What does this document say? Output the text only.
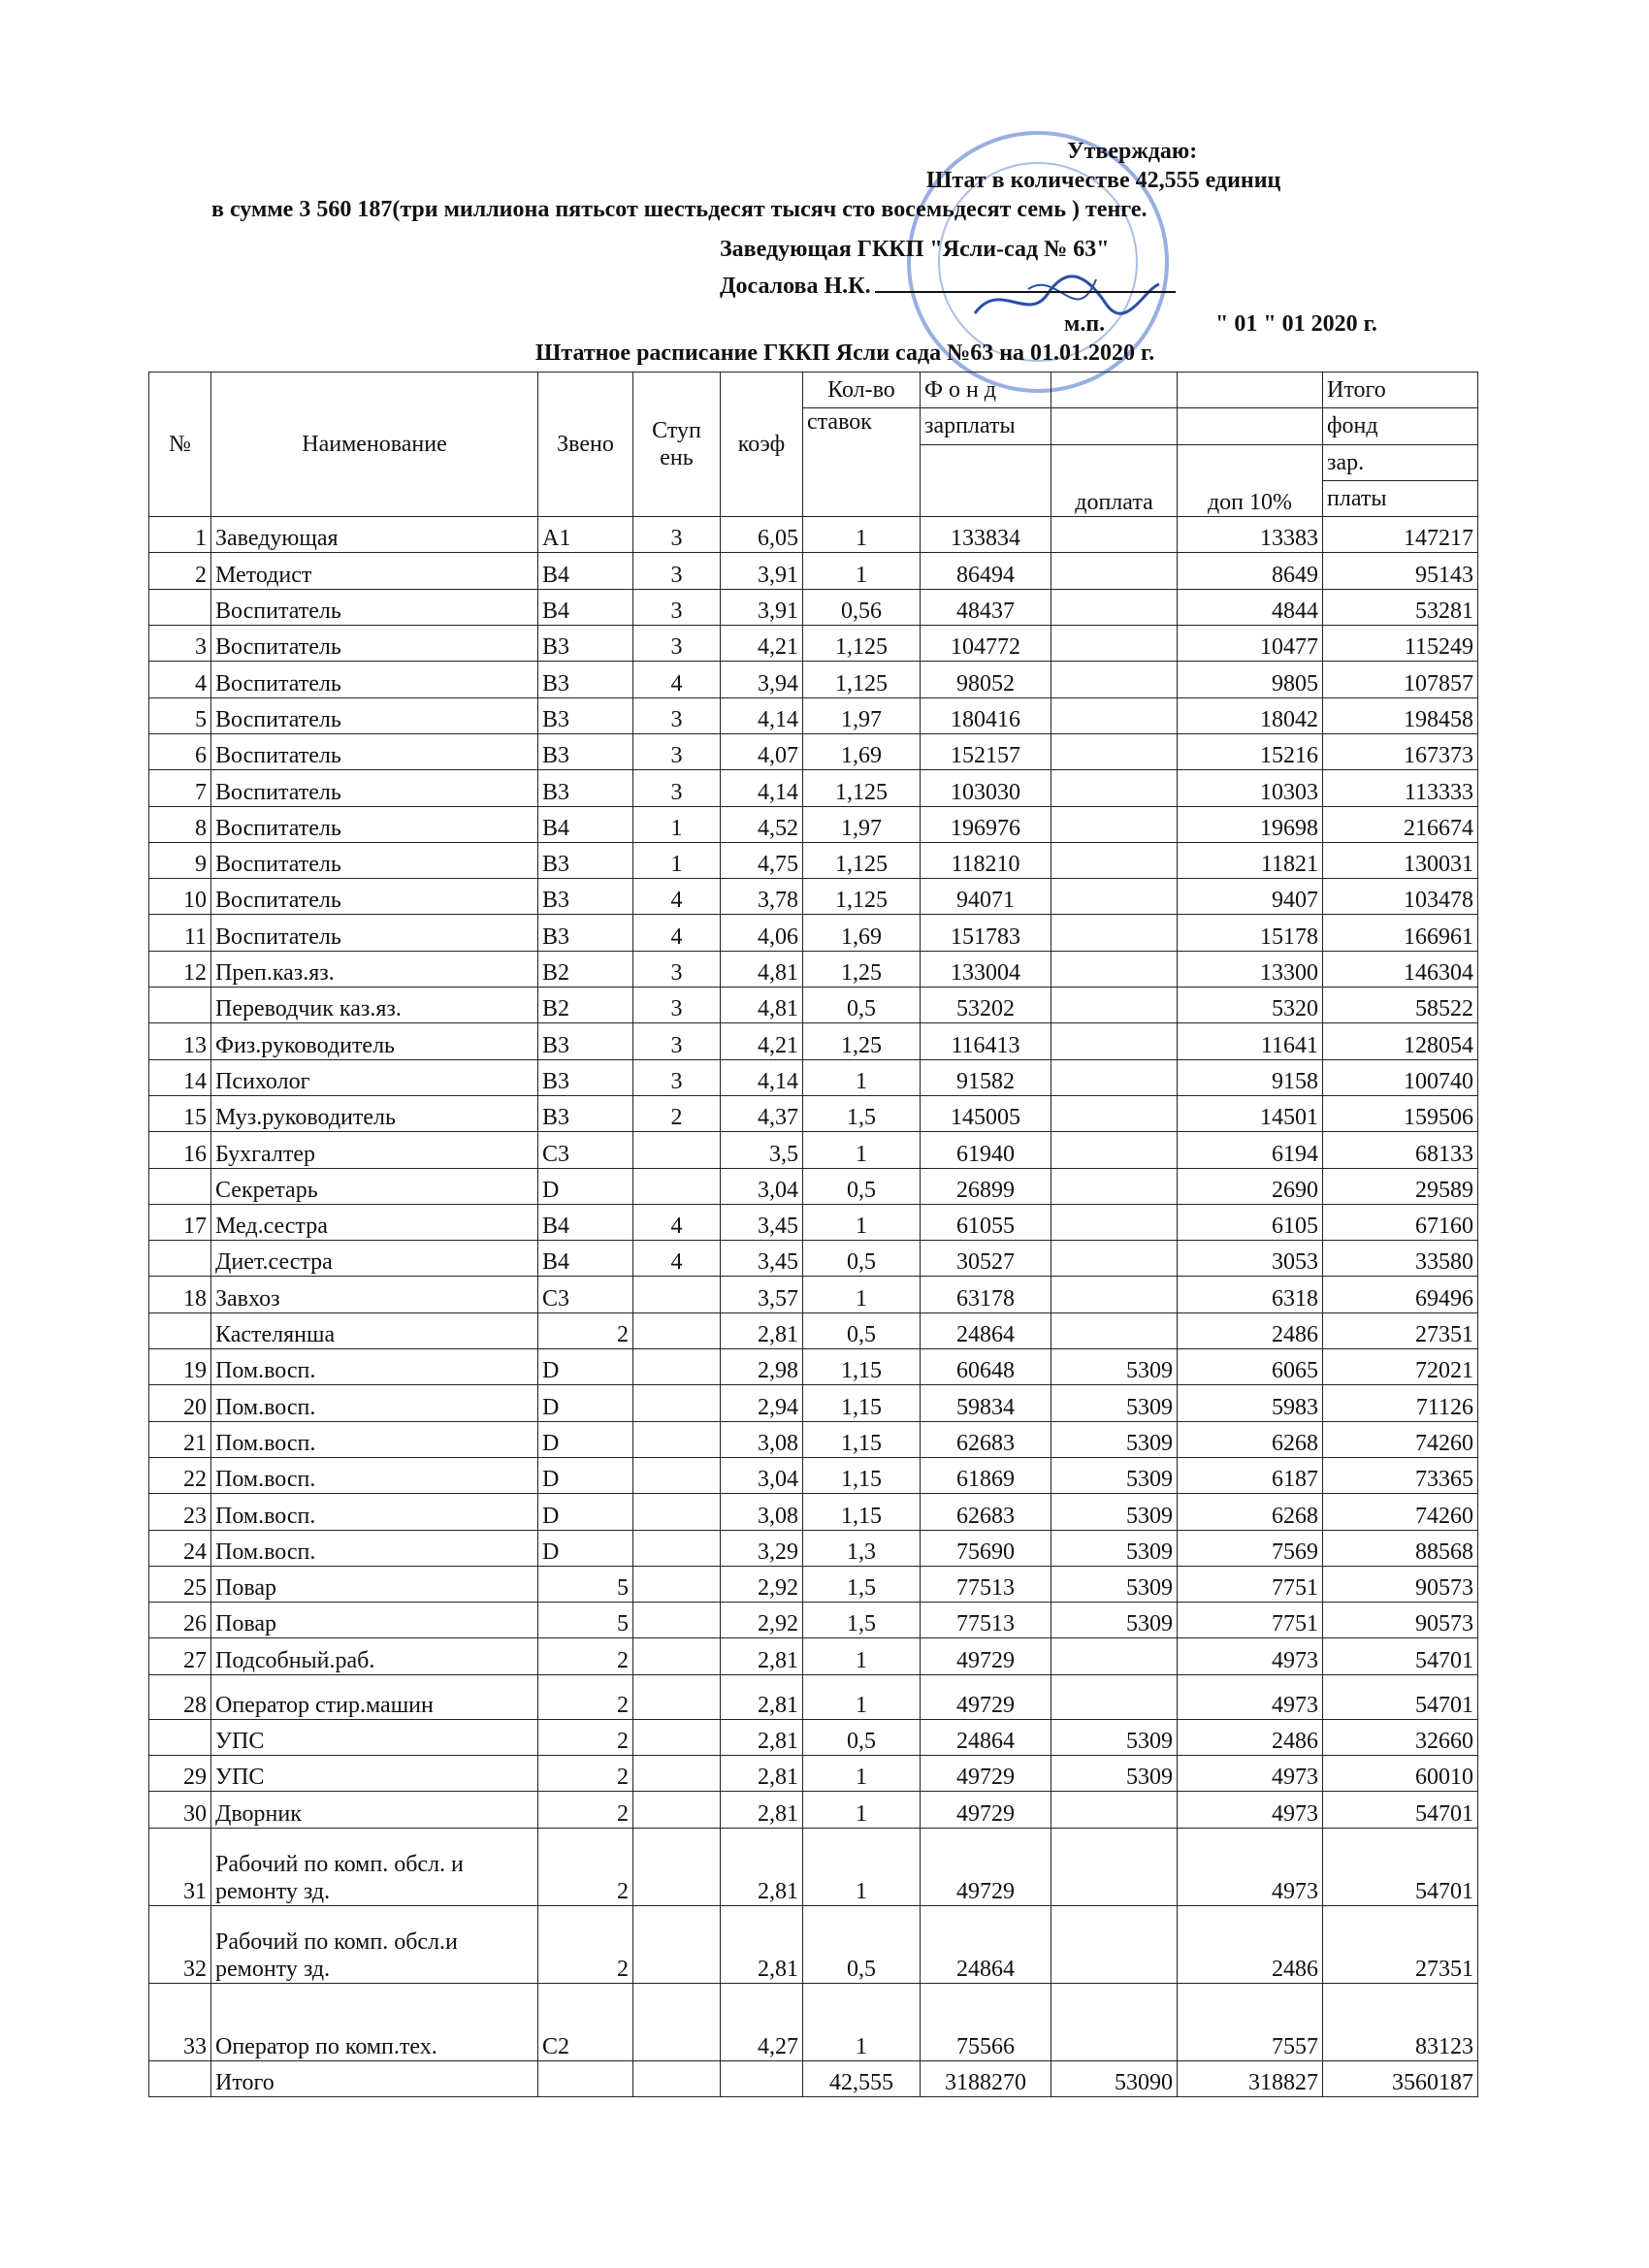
Утверждаю:
Штат в количестве 42,555 единиц
в сумме 3 560 187(три миллиона пятьсот шестьдесят тысяч сто восемьдесят семь ) тенге.
Заведующая ГККП "Ясли-сад № 63"
Досалова Н.К.
м.п.	" 01 " 01 2020 г.
Штатное расписание ГККП Ясли сада №63 на 01.01.2020 г.
№	Наименование	Звено	Ступ ень	коэф	Кол-во	Ф о н д			Итого
					ставок	зарплаты			фонд
							доплата	доп 10%	зар.
									платы
1	Заведующая	А1	3	6,05	1	133834		13383	147217
2	Методист	В4	3	3,91	1	86494		8649	95143
	Воспитатель	В4	3	3,91	0,56	48437		4844	53281
3	Воспитатель	В3	3	4,21	1,125	104772		10477	115249
4	Воспитатель	В3	4	3,94	1,125	98052		9805	107857
5	Воспитатель	В3	3	4,14	1,97	180416		18042	198458
6	Воспитатель	В3	3	4,07	1,69	152157		15216	167373
7	Воспитатель	В3	3	4,14	1,125	103030		10303	113333
8	Воспитатель	В4	1	4,52	1,97	196976		19698	216674
9	Воспитатель	В3	1	4,75	1,125	118210		11821	130031
10	Воспитатель	В3	4	3,78	1,125	94071		9407	103478
11	Воспитатель	В3	4	4,06	1,69	151783		15178	166961
12	Преп.каз.яз.	В2	3	4,81	1,25	133004		13300	146304
	Переводчик каз.яз.	В2	3	4,81	0,5	53202		5320	58522
13	Физ.руководитель	В3	3	4,21	1,25	116413		11641	128054
14	Психолог	В3	3	4,14	1	91582		9158	100740
15	Муз.руководитель	В3	2	4,37	1,5	145005		14501	159506
16	Бухгалтер	С3		3,5	1	61940		6194	68133
	Секретарь	D		3,04	0,5	26899		2690	29589
17	Мед.сестра	В4	4	3,45	1	61055		6105	67160
	Диет.сестра	В4	4	3,45	0,5	30527		3053	33580
18	Завхоз	С3		3,57	1	63178		6318	69496
	Кастелянша	2		2,81	0,5	24864		2486	27351
19	Пом.восп.	D		2,98	1,15	60648	5309	6065	72021
20	Пом.восп.	D		2,94	1,15	59834	5309	5983	71126
21	Пом.восп.	D		3,08	1,15	62683	5309	6268	74260
22	Пом.восп.	D		3,04	1,15	61869	5309	6187	73365
23	Пом.восп.	D		3,08	1,15	62683	5309	6268	74260
24	Пом.восп.	D		3,29	1,3	75690	5309	7569	88568
25	Повар	5		2,92	1,5	77513	5309	7751	90573
26	Повар	5		2,92	1,5	77513	5309	7751	90573
27	Подсобный.раб.	2		2,81	1	49729		4973	54701
28	Оператор стир.машин	2		2,81	1	49729		4973	54701
	УПС	2		2,81	0,5	24864	5309	2486	32660
29	УПС	2		2,81	1	49729	5309	4973	60010
30	Дворник	2		2,81	1	49729		4973	54701
31	Рабочий по комп. обсл. и ремонту зд.	2		2,81	1	49729		4973	54701
32	Рабочий по комп. обсл.и ремонту зд.	2		2,81	0,5	24864		2486	27351
33	Оператор по комп.тех.	С2		4,27	1	75566		7557	83123
	Итого				42,555	3188270	53090	318827	3560187
